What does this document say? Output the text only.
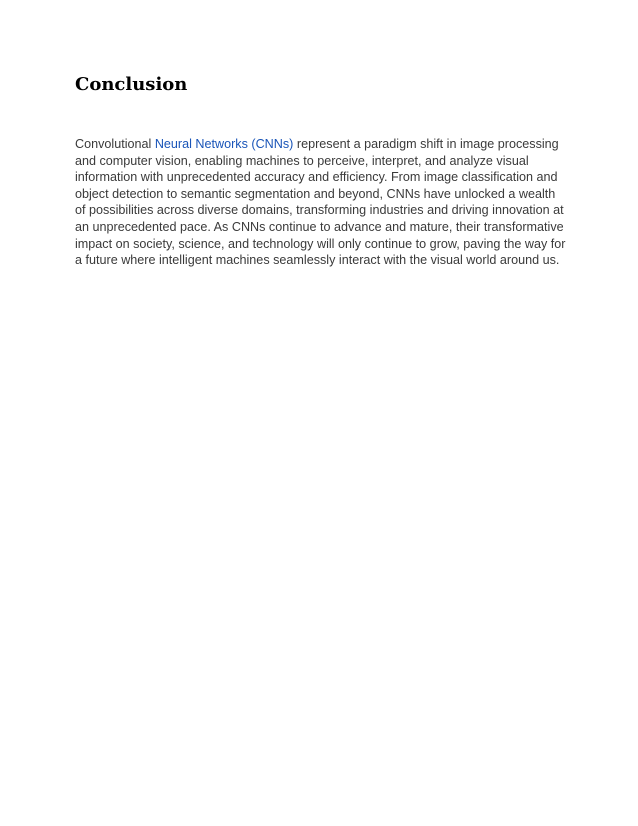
Conclusion

Convolutional Neural Networks (CNNs) represent a paradigm shift in image processing and computer vision, enabling machines to perceive, interpret, and analyze visual information with unprecedented accuracy and efficiency. From image classification and object detection to semantic segmentation and beyond, CNNs have unlocked a wealth of possibilities across diverse domains, transforming industries and driving innovation at an unprecedented pace. As CNNs continue to advance and mature, their transformative impact on society, science, and technology will only continue to grow, paving the way for a future where intelligent machines seamlessly interact with the visual world around us.
